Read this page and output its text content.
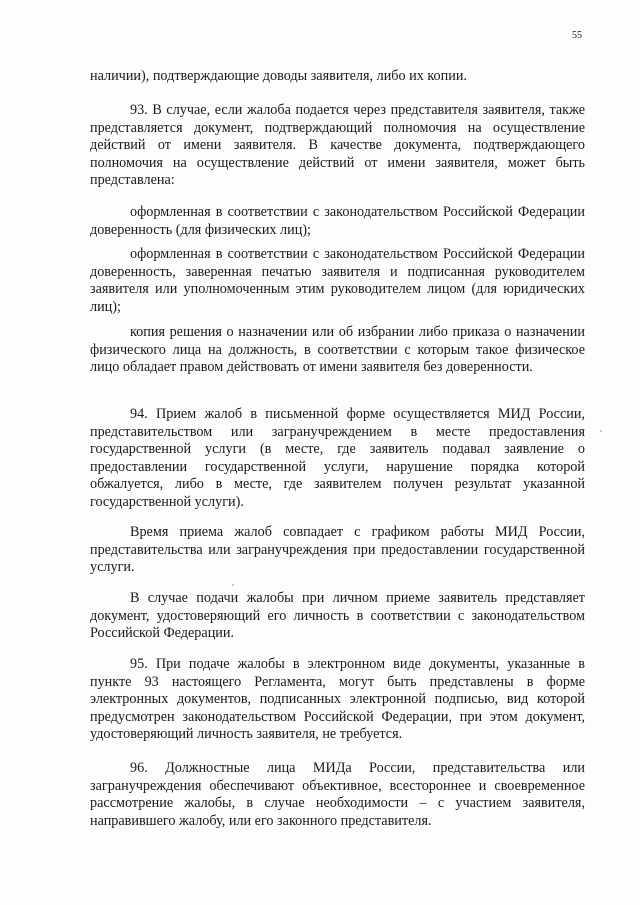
55

наличии), подтверждающие доводы заявителя, либо их копии.

93. В случае, если жалоба подается через представителя заявителя, также представляется документ, подтверждающий полномочия на осуществление действий от имени заявителя. В качестве документа, подтверждающего полномочия на осуществление действий от имени заявителя, может быть представлена:

оформленная в соответствии с законодательством Российской Федерации доверенность (для физических лиц);

оформленная в соответствии с законодательством Российской Федерации доверенность, заверенная печатью заявителя и подписанная руководителем заявителя или уполномоченным этим руководителем лицом (для юридических лиц);

копия решения о назначении или об избрании либо приказа о назначении физического лица на должность, в соответствии с которым такое физическое лицо обладает правом действовать от имени заявителя без доверенности.

94. Прием жалоб в письменной форме осуществляется МИД России, представительством или загранучреждением в месте предоставления государственной услуги (в месте, где заявитель подавал заявление о предоставлении государственной услуги, нарушение порядка которой обжалуется, либо в месте, где заявителем получен результат указанной государственной услуги).

Время приема жалоб совпадает с графиком работы МИД России, представительства или загранучреждения при предоставлении государственной услуги.

В случае подачи жалобы при личном приеме заявитель представляет документ, удостоверяющий его личность в соответствии с законодательством Российской Федерации.

95. При подаче жалобы в электронном виде документы, указанные в пункте 93 настоящего Регламента, могут быть представлены в форме электронных документов, подписанных электронной подписью, вид которой предусмотрен законодательством Российской Федерации, при этом документ, удостоверяющий личность заявителя, не требуется.

96. Должностные лица МИДа России, представительства или загранучреждения обеспечивают объективное, всестороннее и своевременное рассмотрение жалобы, в случае необходимости – с участием заявителя, направившего жалобу, или его законного представителя.
